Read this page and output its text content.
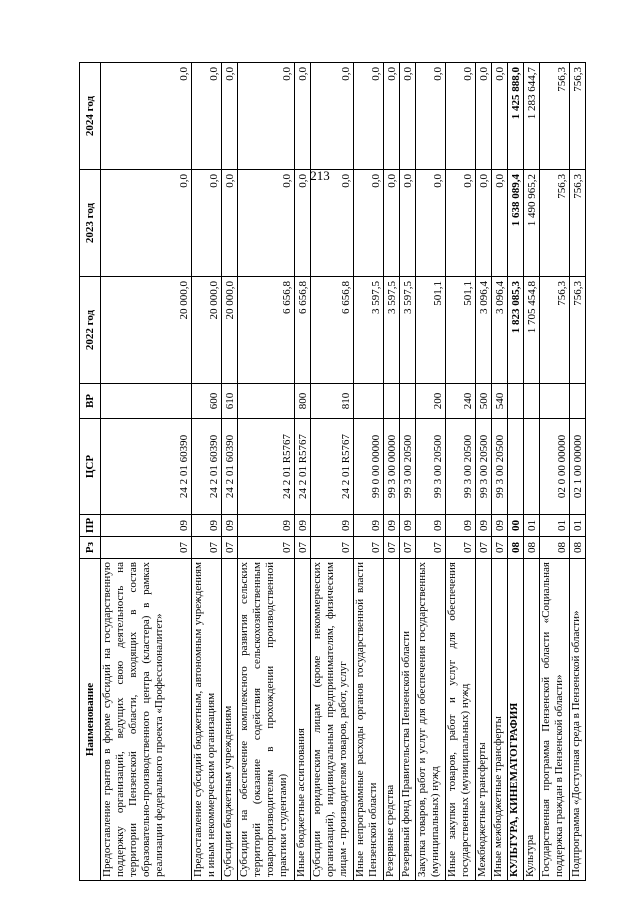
213
Наименование	Рз	ПР	ЦСР	ВР	2022 год	2023 год	2024 год
Предоставление грантов в форме субсидий на государственную поддержку организаций, ведущих свою деятельность на территории Пензенской области, входящих в состав образовательно-производственного центра (кластера) в рамках реализации федерального проекта «Профессионалитет»	07	09	24 2 01 60390		20 000,0	0,0	0,0
Предоставление субсидий бюджетным, автономным учреждениям и иным некоммерческим организациям	07	09	24 2 01 60390	600	20 000,0	0,0	0,0
Субсидии бюджетным учреждениям	07	09	24 2 01 60390	610	20 000,0	0,0	0,0
Субсидии на обеспечение комплексного развития сельских территорий (оказание содействия сельскохозяйственным товаропроизводителям в прохождении производственной практики студентами)	07	09	24 2 01 R5767		6 656,8	0,0	0,0
Иные бюджетные ассигнования	07	09	24 2 01 R5767	800	6 656,8	0,0	0,0
Субсидии юридическим лицам (кроме некоммерческих организаций), индивидуальным предпринимателям, физическим лицам - производителям товаров, работ, услуг	07	09	24 2 01 R5767	810	6 656,8	0,0	0,0
Иные непрограммные расходы органов государственной власти Пензенской области	07	09	99 0 00 00000		3 597,5	0,0	0,0
Резервные средства	07	09	99 3 00 00000		3 597,5	0,0	0,0
Резервный фонд Правительства Пензенской области	07	09	99 3 00 20500		3 597,5	0,0	0,0
Закупка товаров, работ и услуг для обеспечения государственных (муниципальных) нужд	07	09	99 3 00 20500	200	501,1	0,0	0,0
Иные закупки товаров, работ и услуг для обеспечения государственных (муниципальных) нужд	07	09	99 3 00 20500	240	501,1	0,0	0,0
Межбюджетные трансферты	07	09	99 3 00 20500	500	3 096,4	0,0	0,0
Иные межбюджетные трансферты	07	09	99 3 00 20500	540	3 096,4	0,0	0,0
КУЛЬТУРА, КИНЕМАТОГРАФИЯ	08	00			1 823 085,3	1 638 089,4	1 425 888,0
Культура	08	01			1 705 454,8	1 490 965,2	1 283 644,7
Государственная программа Пензенской области «Социальная поддержка граждан в Пензенской области»	08	01	02 0 00 00000		756,3	756,3	756,3
Подпрограмма «Доступная среда в Пензенской области»	08	01	02 1 00 00000		756,3	756,3	756,3
